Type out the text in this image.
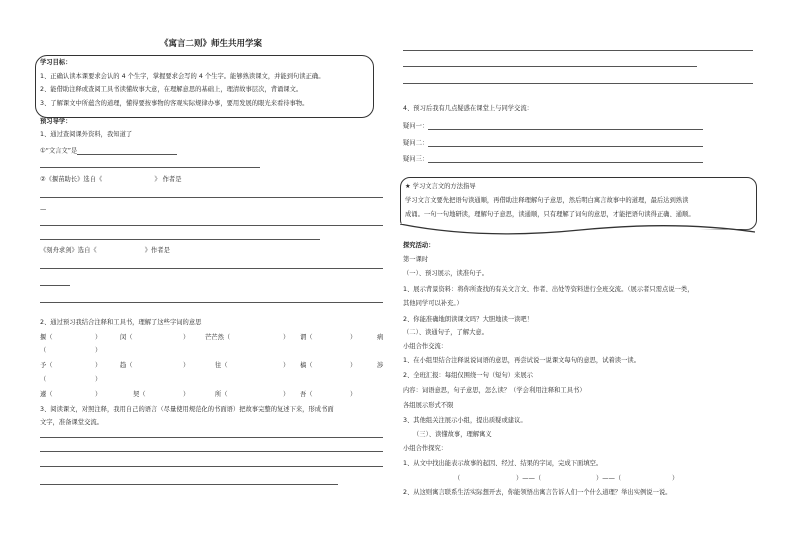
《寓言二则》师生共用学案
学习目标：
1、正确认读本课要求会认的 4 个生字，掌握要求会写的 4 个生字。能够熟读课文，并能到句读正确。
2、能借助注释或查阅工具书读懂故事大意，在理解意思的基础上，理清故事层次，背诵课文。
3、了解课文中所蕴含的道理，懂得要按事物的客观实际规律办事，要用发展的眼光来看待事物。
预习导学：
1、通过查阅课外资料，我知道了
①“文言文”是
②《揠苗助长》选自《	》 作者是
—
《刻舟求剑》选自《	》作者是
2、通过预习我结合注释和工具书，理解了这些字词的意思
揠（	）	闵（	） 芒芒然（	） 谓（	）	病
（	）
予（	）	趋（	）	往（	） 槁（	）	涉
（	）
遽（	）	契（	）	所（	） 吾（	）
3、阅读课文，对照注释，我用自己的语言（尽量使用规范化的书面语）把故事完整的复述下来，形成书面
文字，准备课堂交流。
4、预习后我有几点疑惑在课堂上与同学交流：
疑问一：
疑问二：
疑问三：
★ 学习文言文的方法指导
学习文言文要先把语句读通顺，再借助注释理解句子意思，然后明白寓言故事中的道理，最后达到熟读
成诵。一句一句地研读，理解句子意思，读通顺，只有理解了词句的意思，才能把语句读得正确、通顺。
探究活动：
第一课时
（一）、预习展示，读准句子。
1、展示背景资料：将你所查找的有关文言文、作者、出处等资料进行全班交流。（展示者只需点说一类，
其他同学可以补充。）
2、你能准确地朗读课文吗？大胆地读一读吧！
（二）、读通句子，了解大意。
小组合作交流：
1、在小组里结合注释说说词语的意思，再尝试说一说课文每句的意思，试着读一读。
2、全班汇报：每组仅围绕一句（短句）来展示
内容：词语意思，句子意思，怎么读？（学会利用注释和工具书）
各组展示形式不限
3、其他组关注展示小组，提出质疑或建议。
（三）、读懂故事，理解寓义
小组合作探究：
1、从文中找出能表示故事的起因、经过、结果的字词，完成下面填空。
（	）——（	）——（	）
2、从这则寓言联系生活实际想开去，你能领悟出寓言告诉人们一个什么道理？举出实例说一说。
